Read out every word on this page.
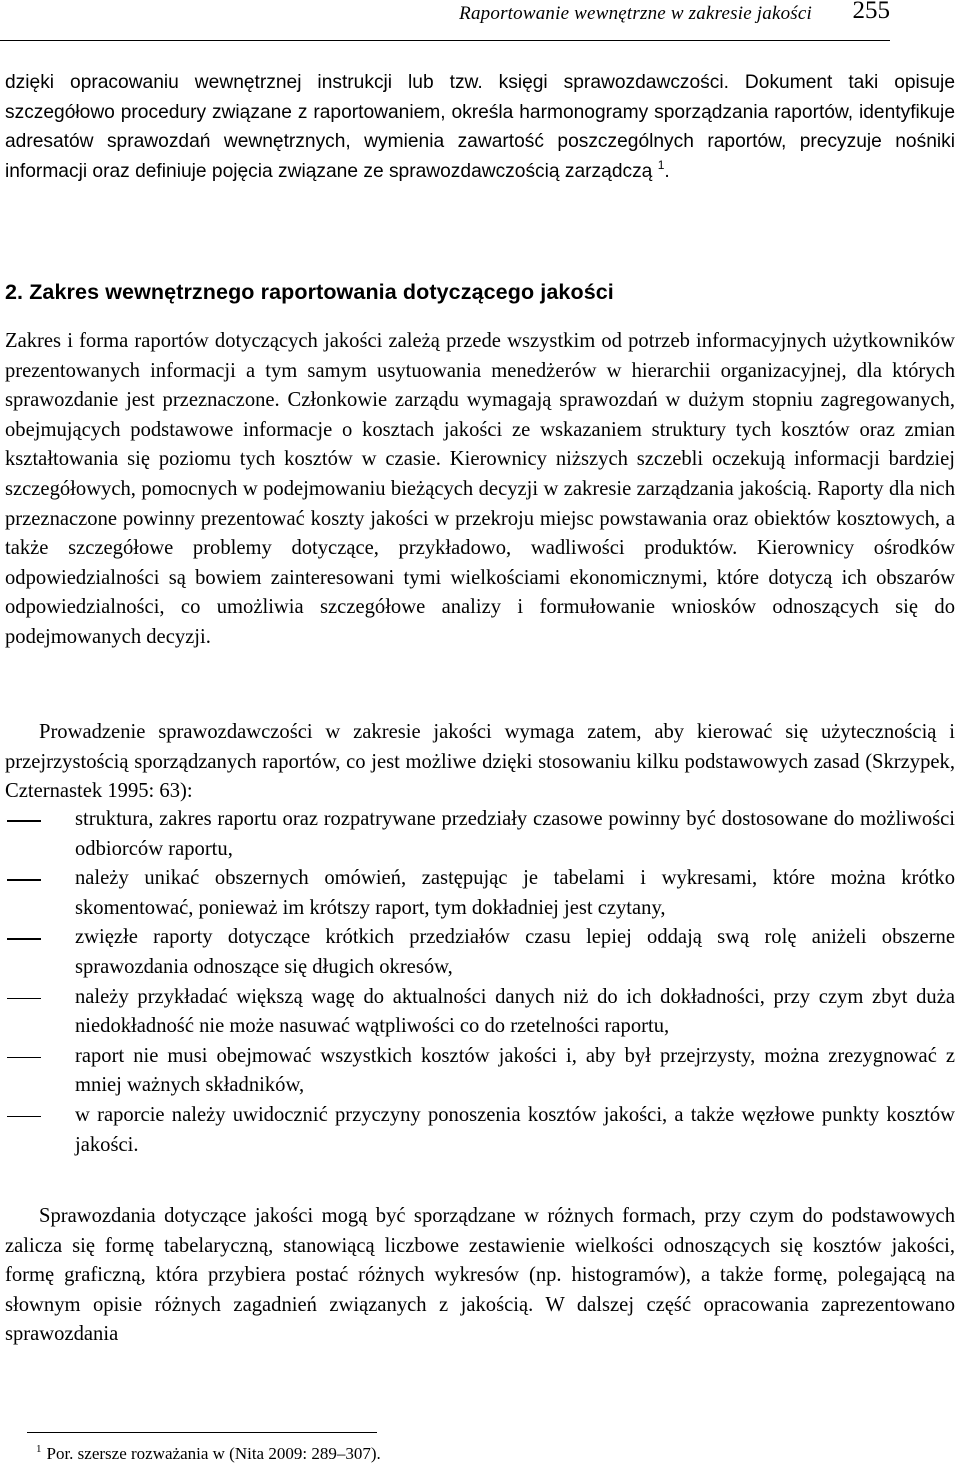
Raportowanie wewnętrzne w zakresie jakości 255
dzięki opracowaniu wewnętrznej instrukcji lub tzw. księgi sprawozdawczości. Dokument taki opisuje szczegółowo procedury związane z raportowaniem, określa harmonogramy sporządzania raportów, identyfikuje adresatów sprawozdań wewnętrznych, wymienia zawartość poszczególnych raportów, precyzuje nośniki informacji oraz definiuje pojęcia związane ze sprawozdawczością zarządczą $^1$.
2. Zakres wewnętrznego raportowania dotyczącego jakości
Zakres i forma raportów dotyczących jakości zależą przede wszystkim od potrzeb informacyjnych użytkowników prezentowanych informacji a tym samym usytuowania menedżerów w hierarchii organizacyjnej, dla których sprawozdanie jest przeznaczone. Członkowie zarządu wymagają sprawozdań w dużym stopniu zagregowanych, obejmujących podstawowe informacje o kosztach jakości ze wskazaniem struktury tych kosztów oraz zmian kształtowania się poziomu tych kosztów w czasie. Kierownicy niższych szczebli oczekują informacji bardziej szczegółowych, pomocnych w podejmowaniu bieżących decyzji w zakresie zarządzania jakością. Raporty dla nich przeznaczone powinny prezentować koszty jakości w przekroju miejsc powstawania oraz obiektów kosztowych, a także szczegółowe problemy dotyczące, przykładowo, wadliwości produktów. Kierownicy ośrodków odpowiedzialności są bowiem zainteresowani tymi wielkościami ekonomicznymi, które dotyczą ich obszarów odpowiedzialności, co umożliwia szczegółowe analizy i formułowanie wniosków odnoszących się do podejmowanych decyzji.
Prowadzenie sprawozdawczości w zakresie jakości wymaga zatem, aby kierować się użytecznością i przejrzystością sporządzanych raportów, co jest możliwe dzięki stosowaniu kilku podstawowych zasad (Skrzypek, Czternastek 1995: 63):
struktura, zakres raportu oraz rozpatrywane przedziały czasowe powinny być dostosowane do możliwości odbiorców raportu,
należy unikać obszernych omówień, zastępując je tabelami i wykresami, które można krótko skomentować, ponieważ im krótszy raport, tym dokładniej jest czytany,
zwięzłe raporty dotyczące krótkich przedziałów czasu lepiej oddają swą rolę aniżeli obszerne sprawozdania odnoszące się długich okresów,
należy przykładać większą wagę do aktualności danych niż do ich dokładności, przy czym zbyt duża niedokładność nie może nasuwać wątpliwości co do rzetelności raportu,
raport nie musi obejmować wszystkich kosztów jakości i, aby był przejrzysty, można zrezygnować z mniej ważnych składników,
w raporcie należy uwidocznić przyczyny ponoszenia kosztów jakości, a także węzłowe punkty kosztów jakości.
Sprawozdania dotyczące jakości mogą być sporządzane w różnych formach, przy czym do podstawowych zalicza się formę tabelaryczną, stanowiącą liczbowe zestawienie wielkości odnoszących się kosztów jakości, formę graficzną, która przybiera postać różnych wykresów (np. histogramów), a także formę, polegającą na słownym opisie różnych zagadnień związanych z jakością. W dalszej część opracowania zaprezentowano sprawozdania
$^1$ Por. szersze rozważania w (Nita 2009: 289–307).
